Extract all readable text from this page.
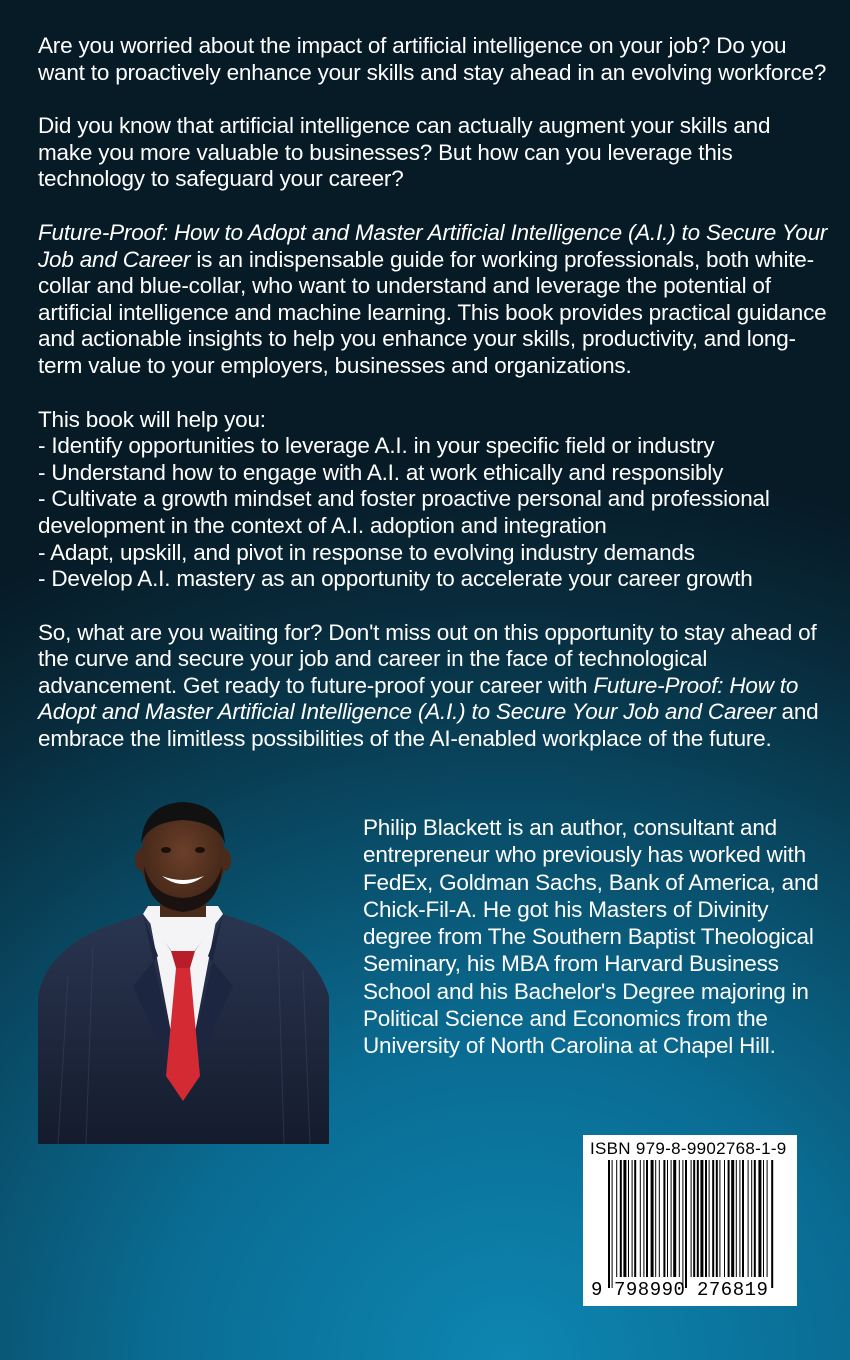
Are you worried about the impact of artificial intelligence on your job? Do you want to proactively enhance your skills and stay ahead in an evolving workforce?

Did you know that artificial intelligence can actually augment your skills and make you more valuable to businesses? But how can you leverage this technology to safeguard your career?

Future-Proof: How to Adopt and Master Artificial Intelligence (A.I.) to Secure Your Job and Career is an indispensable guide for working professionals, both white-collar and blue-collar, who want to understand and leverage the potential of artificial intelligence and machine learning. This book provides practical guidance and actionable insights to help you enhance your skills, productivity, and long-term value to your employers, businesses and organizations.

This book will help you:
- Identify opportunities to leverage A.I. in your specific field or industry
- Understand how to engage with A.I. at work ethically and responsibly
- Cultivate a growth mindset and foster proactive personal and professional development in the context of A.I. adoption and integration
- Adapt, upskill, and pivot in response to evolving industry demands
- Develop A.I. mastery as an opportunity to accelerate your career growth

So, what are you waiting for? Don't miss out on this opportunity to stay ahead of the curve and secure your job and career in the face of technological advancement. Get ready to future-proof your career with Future-Proof: How to Adopt and Master Artificial Intelligence (A.I.) to Secure Your Job and Career and embrace the limitless possibilities of the AI-enabled workplace of the future.

Philip Blackett is an author, consultant and entrepreneur who previously has worked with FedEx, Goldman Sachs, Bank of America, and Chick-Fil-A. He got his Masters of Divinity degree from The Southern Baptist Theological Seminary, his MBA from Harvard Business School and his Bachelor's Degree majoring in Political Science and Economics from the University of North Carolina at Chapel Hill.
ISBN 979-8-9902768-1-9
9 798990 276819
